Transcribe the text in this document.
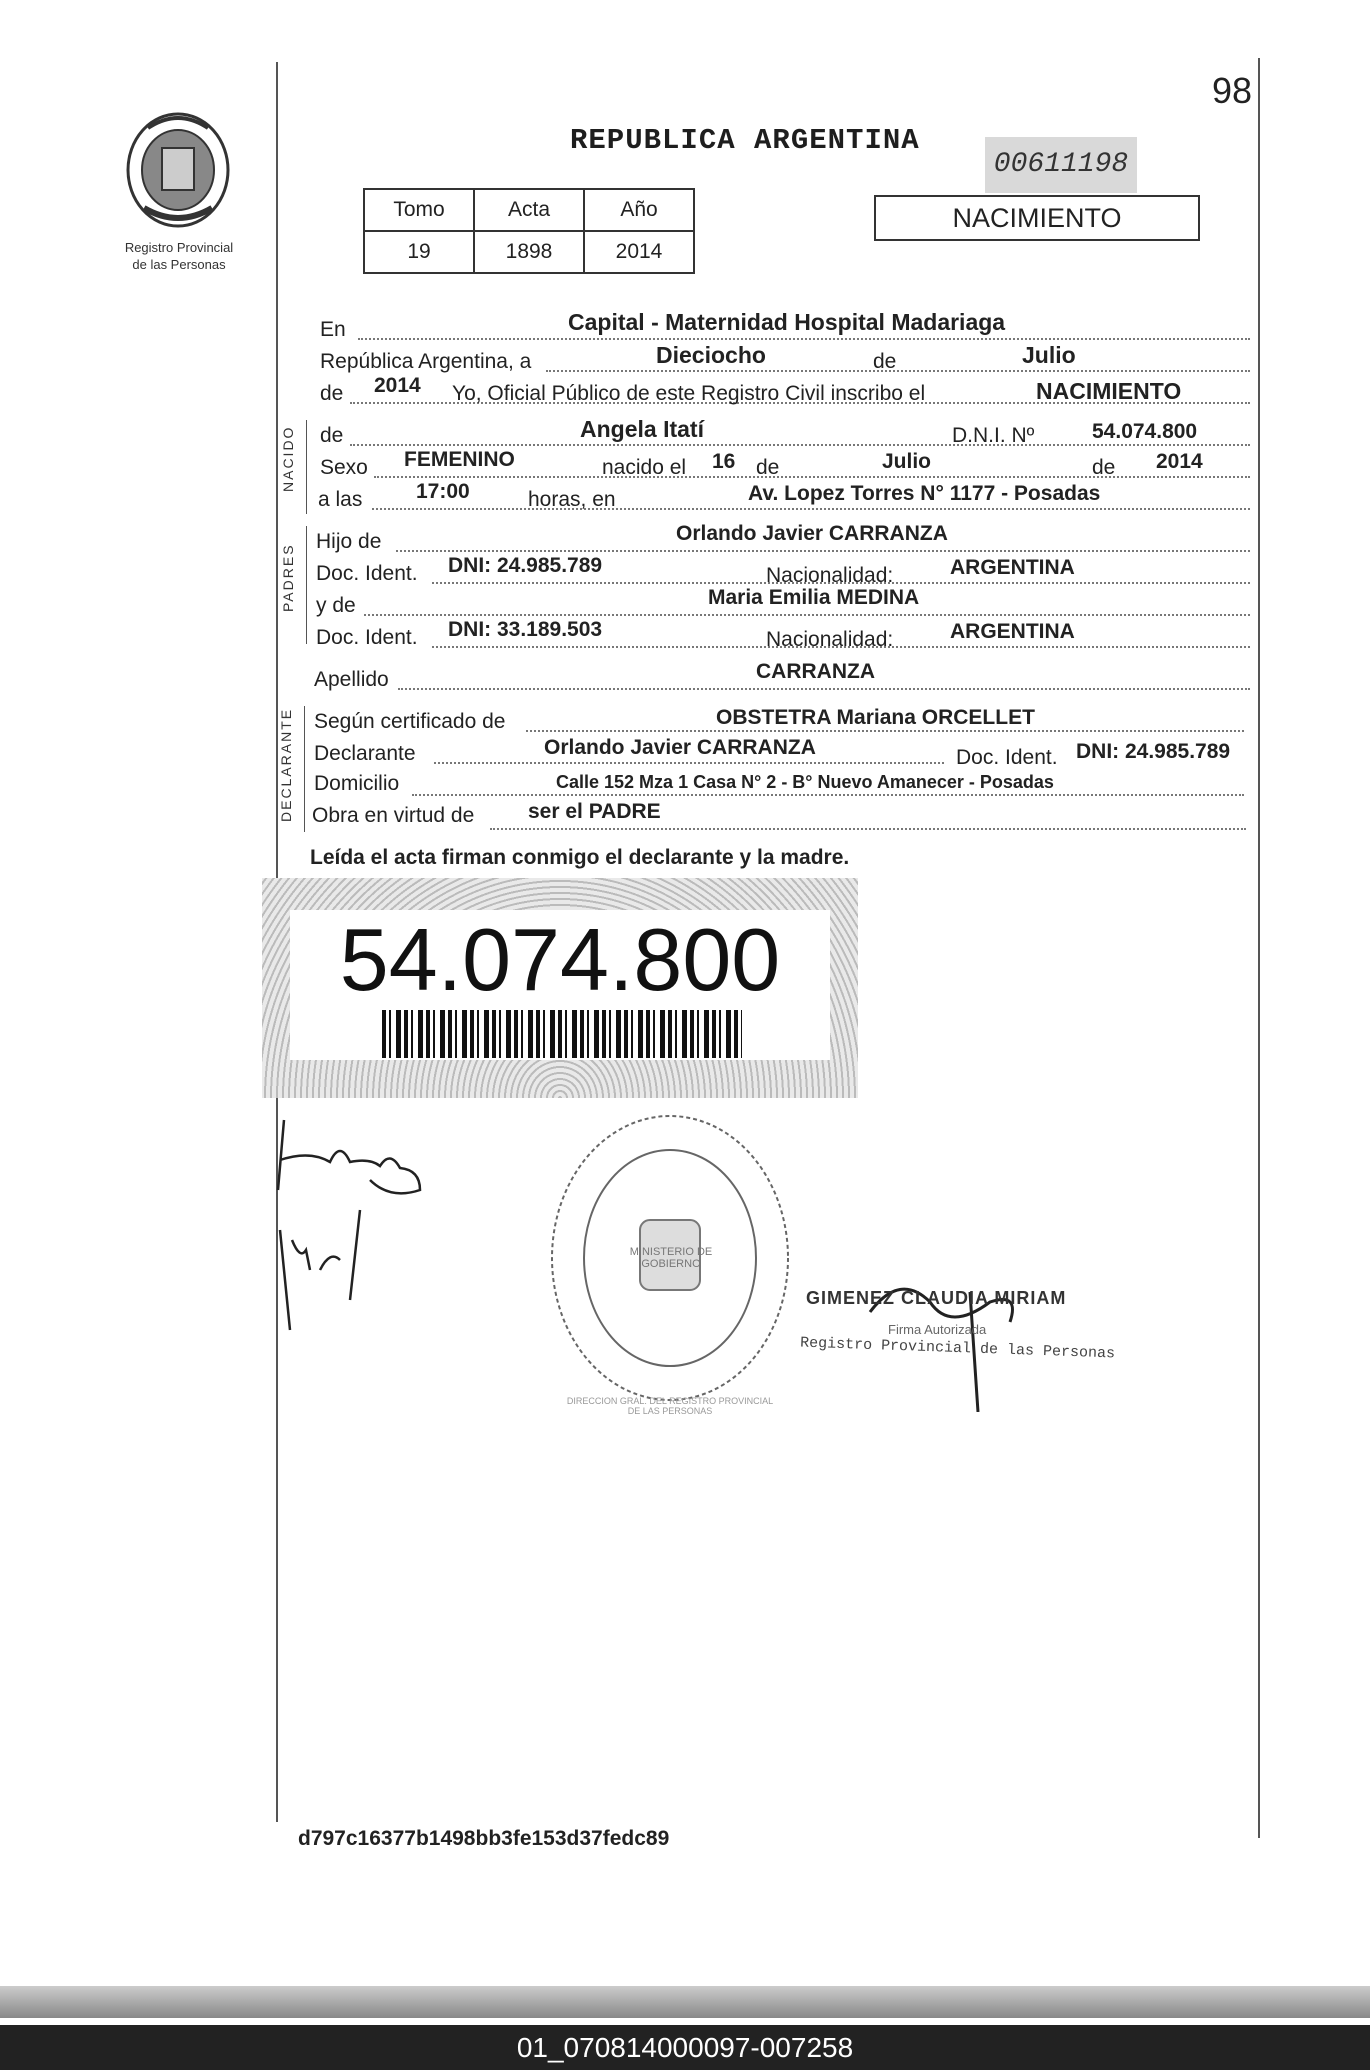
Registro Provincial
de las Personas
98
REPUBLICA ARGENTINA
00611198
Tomo	Acta	Año
19	1898	2014
NACIMIENTO
En	Capital - Maternidad Hospital Madariaga
República Argentina, a	Dieciocho	de	Julio
de 2014 Yo, Oficial Público de este Registro Civil inscribo el	NACIMIENTO
NACIDO de	Angela Itatí	D.N.I. Nº	54.074.800
Sexo FEMENINO	nacido el 16 de	Julio	de 2014
a las	17:00	horas, en	Av. Lopez Torres N° 1177 - Posadas
PADRES
Hijo de	Orlando Javier CARRANZA
Doc. Ident. DNI: 24.985.789	Nacionalidad:	ARGENTINA
y de	Maria Emilia MEDINA
Doc. Ident. DNI: 33.189.503	Nacionalidad:	ARGENTINA
Apellido	CARRANZA
DECLARANTE Según certificado de	OBSTETRA Mariana ORCELLET
Declarante	Orlando Javier CARRANZA	Doc. Ident. DNI: 24.985.789
Domicilio	Calle 152 Mza 1 Casa N° 2 - B° Nuevo Amanecer - Posadas
Obra en virtud de	ser el PADRE
Leída el acta firman conmigo el declarante y la madre.
54.074.800
MINISTERIO DE GOBIERNO
DIRECCION GRAL. DEL REGISTRO PROVINCIAL DE LAS PERSONAS
GIMENEZ CLAUDIA MIRIAM
Firma Autorizada
Registro Provincial de las Personas
d797c16377b1498bb3fe153d37fedc89
01_070814000097-007258
